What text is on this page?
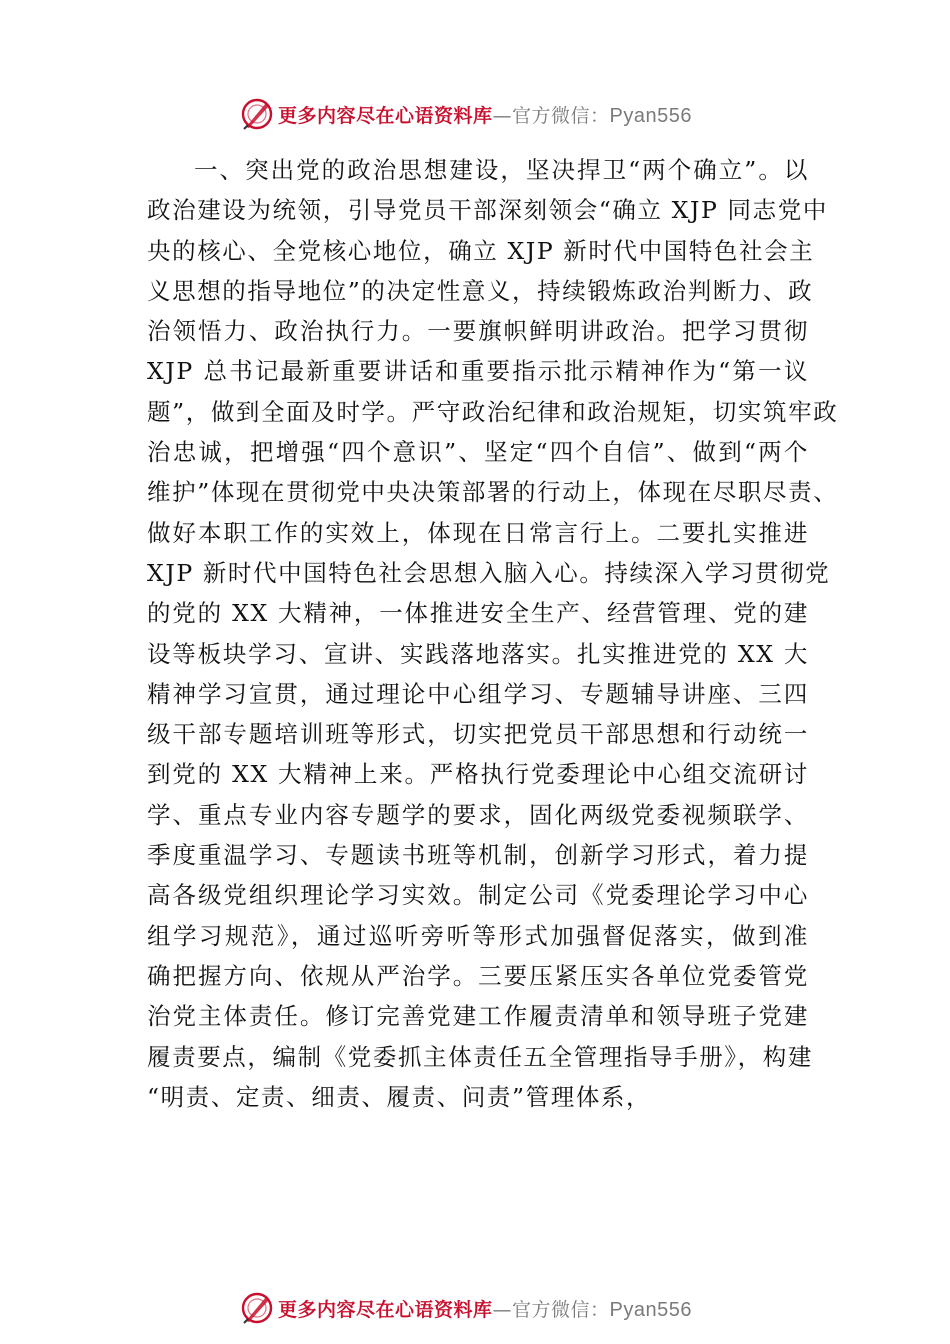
更多内容尽在心语资料库—官方微信：Pyan556
一、突出党的政治思想建设，坚决捍卫“两个确立”。以
政治建设为统领，引导党员干部深刻领会“确立 XJP 同志党中
央的核心、全党核心地位，确立 XJP 新时代中国特色社会主
义思想的指导地位”的决定性意义，持续锻炼政治判断力、政
治领悟力、政治执行力。一要旗帜鲜明讲政治。把学习贯彻
XJP 总书记最新重要讲话和重要指示批示精神作为“第一议
题”，做到全面及时学。严守政治纪律和政治规矩，切实筑牢政
治忠诚，把增强“四个意识”、坚定“四个自信”、做到“两个
维护”体现在贯彻党中央决策部署的行动上，体现在尽职尽责、
做好本职工作的实效上，体现在日常言行上。二要扎实推进
XJP 新时代中国特色社会思想入脑入心。持续深入学习贯彻党
的党的 XX 大精神，一体推进安全生产、经营管理、党的建
设等板块学习、宣讲、实践落地落实。扎实推进党的 XX 大
精神学习宣贯，通过理论中心组学习、专题辅导讲座、三四
级干部专题培训班等形式，切实把党员干部思想和行动统一
到党的 XX 大精神上来。严格执行党委理论中心组交流研讨
学、重点专业内容专题学的要求，固化两级党委视频联学、
季度重温学习、专题读书班等机制，创新学习形式，着力提
高各级党组织理论学习实效。制定公司《党委理论学习中心
组学习规范》，通过巡听旁听等形式加强督促落实，做到准
确把握方向、依规从严治学。三要压紧压实各单位党委管党
治党主体责任。修订完善党建工作履责清单和领导班子党建
履责要点，编制《党委抓主体责任五全管理指导手册》，构建
“明责、定责、细责、履责、问责”管理体系，
更多内容尽在心语资料库—官方微信：Pyan556
